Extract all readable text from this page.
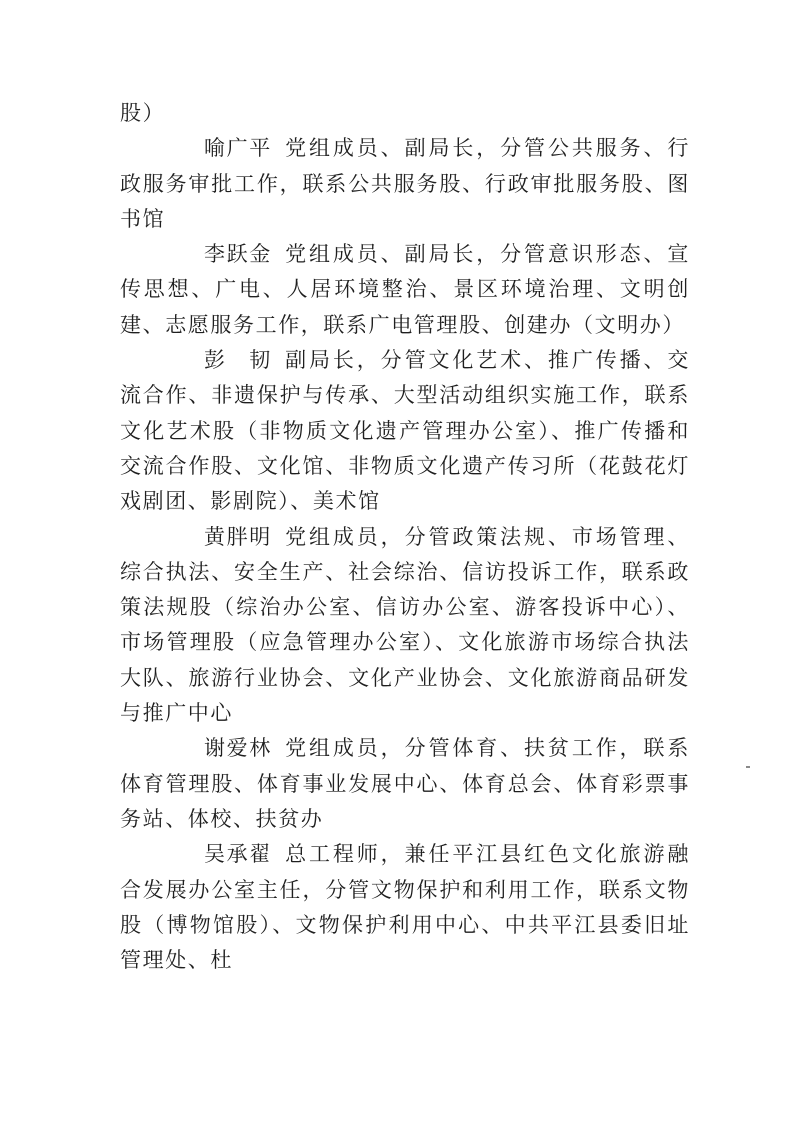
股）

喻广平 党组成员、副局长，分管公共服务、行政服务审批工作，联系公共服务股、行政审批服务股、图书馆

李跃金 党组成员、副局长，分管意识形态、宣传思想、广电、人居环境整治、景区环境治理、文明创建、志愿服务工作，联系广电管理股、创建办（文明办）

彭　韧 副局长，分管文化艺术、推广传播、交流合作、非遗保护与传承、大型活动组织实施工作，联系文化艺术股（非物质文化遗产管理办公室）、推广传播和交流合作股、文化馆、非物质文化遗产传习所（花鼓花灯戏剧团、影剧院）、美术馆

黄胖明 党组成员，分管政策法规、市场管理、综合执法、安全生产、社会综治、信访投诉工作，联系政策法规股（综治办公室、信访办公室、游客投诉中心）、市场管理股（应急管理办公室）、文化旅游市场综合执法大队、旅游行业协会、文化产业协会、文化旅游商品研发与推广中心

谢爱林 党组成员，分管体育、扶贫工作，联系体育管理股、体育事业发展中心、体育总会、体育彩票事务站、体校、扶贫办

吴承翟 总工程师，兼任平江县红色文化旅游融合发展办公室主任，分管文物保护和利用工作，联系文物股（博物馆股）、文物保护利用中心、中共平江县委旧址管理处、杜
